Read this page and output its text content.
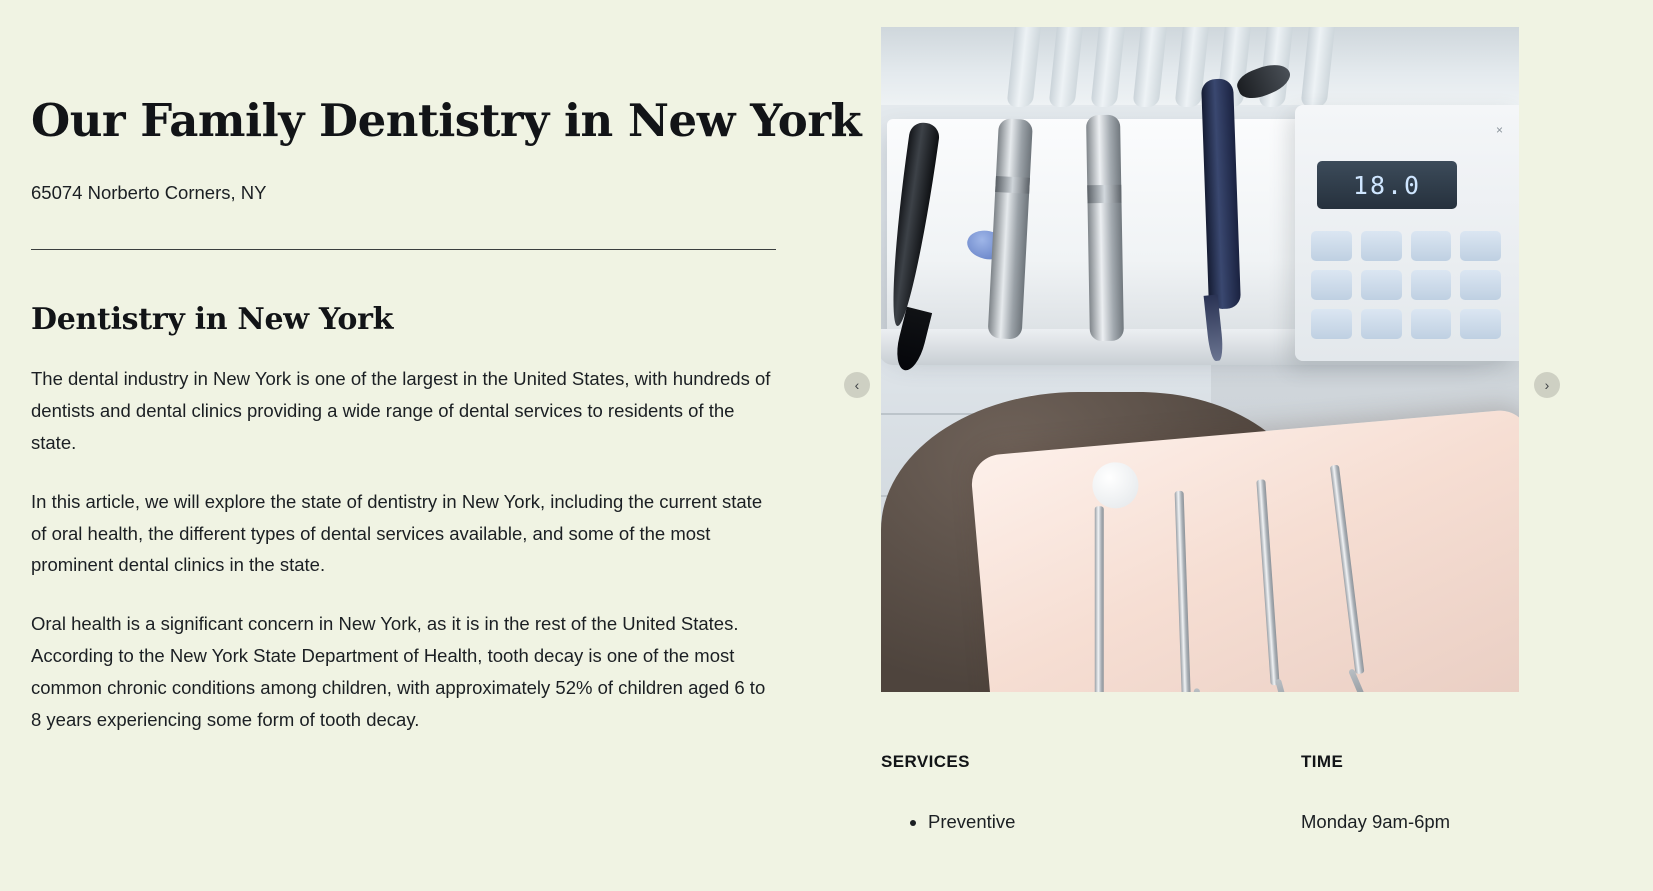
Our Family Dentistry in New York
65074 Norberto Corners, NY
Dentistry in New York

The dental industry in New York is one of the largest in the United States, with hundreds of dentists and dental clinics providing a wide range of dental services to residents of the state.

In this article, we will explore the state of dentistry in New York, including the current state of oral health, the different types of dental services available, and some of the most prominent dental clinics in the state.

Oral health is a significant concern in New York, as it is in the rest of the United States. According to the New York State Department of Health, tooth decay is one of the most common chronic conditions among children, with approximately 52% of children aged 6 to 8 years experiencing some form of tooth decay.

×
18.0
‹	›
SERVICES
• Preventive
TIME

Monday 9am-6pm
